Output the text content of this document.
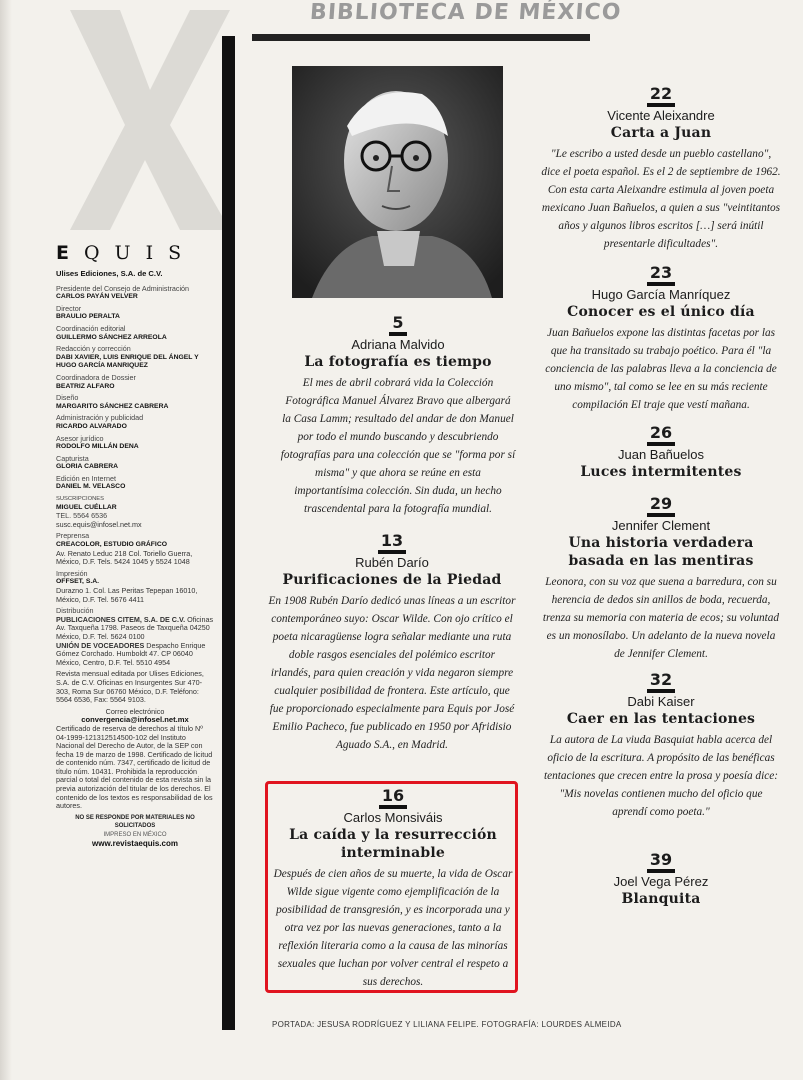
BIBLIOTECA DE MÉXICO
EQUIS
Ulises Ediciones, S.A. de C.V.
Presidente del Consejo de Administración
CARLOS PAYÁN VELVER
Director
BRAULIO PERALTA
Coordinación editorial
GUILLERMO SÁNCHEZ ARREOLA
Redacción y corrección
DABI XAVIER, LUIS ENRIQUE DEL ÁNGEL Y HUGO GARCÍA MANRIQUEZ
Coordinadora de Dossier
BEATRIZ ALFARO
Diseño
MARGARITO SÁNCHEZ CABRERA
Administración y publicidad
RICARDO ALVARADO
Asesor jurídico
RODOLFO MILLÁN DENA
Capturista
GLORIA CABRERA
Edición en Internet
DANIEL M. VELASCO
SUSCRIPCIONES
MIGUEL CUÉLLAR
TEL. 5564 6536
susc.equis@infosel.net.mx
Preprensa
CREACOLOR, ESTUDIO GRÁFICO
Av. Renato Leduc 218 Col. Toriello Guerra, México, D.F. Tels. 5424 1045 y 5524 1048
Impresión
OFFSET, S.A.
Durazno 1. Col. Las Peritas Tepepan 16010, México, D.F. Tel. 5676 4411
Distribución
PUBLICACIONES CITEM, S.A. DE C.V. Oficinas Av. Taxqueña 1798. Paseos de Taxqueña 04250 México, D.F. Tel. 5624 0100
UNIÓN DE VOCEADORES Despacho Enrique Gómez Corchado. Humboldt 47. CP 06040 México, Centro, D.F. Tel. 5510 4954
Revista mensual editada por Ulises Ediciones, S.A. de C.V. Oficinas en Insurgentes Sur 470-303, Roma Sur 06760 México, D.F. Teléfono: 5564 6536, Fax: 5564 9103.
Correo electrónico
convergencia@infosel.net.mx
Certificado de reserva de derechos al título Nº 04-1999-121312514500-102 del Instituto Nacional del Derecho de Autor, de la SEP con fecha 19 de marzo de 1998. Certificado de licitud de contenido núm. 7347, certificado de licitud de título núm. 10431. Prohibida la reproducción parcial o total del contenido de esta revista sin la previa autorización del titular de los derechos. El contenido de los textos es responsabilidad de los autores.
NO SE RESPONDE POR MATERIALES NO SOLICITADOS
IMPRESO EN MÉXICO
www.revistaequis.com
5
Adriana Malvido
La fotografía es tiempo
El mes de abril cobrará vida la Colección Fotográfica Manuel Álvarez Bravo que albergará la Casa Lamm; resultado del andar de don Manuel por todo el mundo buscando y descubriendo fotografías para una colección que se "forma por sí misma" y que ahora se reúne en esta importantísima colección. Sin duda, un hecho trascendental para la fotografía mundial.
13
Rubén Darío
Purificaciones de la Piedad
En 1908 Rubén Darío dedicó unas líneas a un escritor contemporáneo suyo: Oscar Wilde. Con ojo crítico el poeta nicaragüense logra señalar mediante una ruta doble rasgos esenciales del polémico escritor irlandés, para quien creación y vida negaron siempre cualquier posibilidad de frontera. Este artículo, que fue proporcionado especialmente para Equis por José Emilio Pacheco, fue publicado en 1950 por Afridisio Aguado S.A., en Madrid.
16
Carlos Monsiváis
La caída y la resurrección interminable
Después de cien años de su muerte, la vida de Oscar Wilde sigue vigente como ejemplificación de la posibilidad de transgresión, y es incorporada una y otra vez por las nuevas generaciones, tanto a la reflexión literaria como a la causa de las minorías sexuales que luchan por volver central el respeto a sus derechos.
22
Vicente Aleixandre
Carta a Juan
"Le escribo a usted desde un pueblo castellano", dice el poeta español. Es el 2 de septiembre de 1962. Con esta carta Aleixandre estimula al joven poeta mexicano Juan Bañuelos, a quien a sus "veintitantos años y algunos libros escritos […] será inútil presentarle dificultades".
23
Hugo García Manríquez
Conocer es el único día
Juan Bañuelos expone las distintas facetas por las que ha transitado su trabajo poético. Para él "la conciencia de las palabras lleva a la conciencia de uno mismo", tal como se lee en su más reciente compilación El traje que vestí mañana.
26
Juan Bañuelos
Luces intermitentes
29
Jennifer Clement
Una historia verdadera basada en las mentiras
Leonora, con su voz que suena a barredura, con su herencia de dedos sin anillos de boda, recuerda, trenza su memoria con materia de ecos; su voluntad es un monosílabo. Un adelanto de la nueva novela de Jennifer Clement.
32
Dabi Kaiser
Caer en las tentaciones
La autora de La viuda Basquiat habla acerca del oficio de la escritura. A propósito de las benéficas tentaciones que crecen entre la prosa y poesía dice: "Mis novelas contienen mucho del oficio que aprendí como poeta."
39
Joel Vega Pérez
Blanquita
PORTADA: JESUSA RODRÍGUEZ Y LILIANA FELIPE. FOTOGRAFÍA: LOURDES ALMEIDA
